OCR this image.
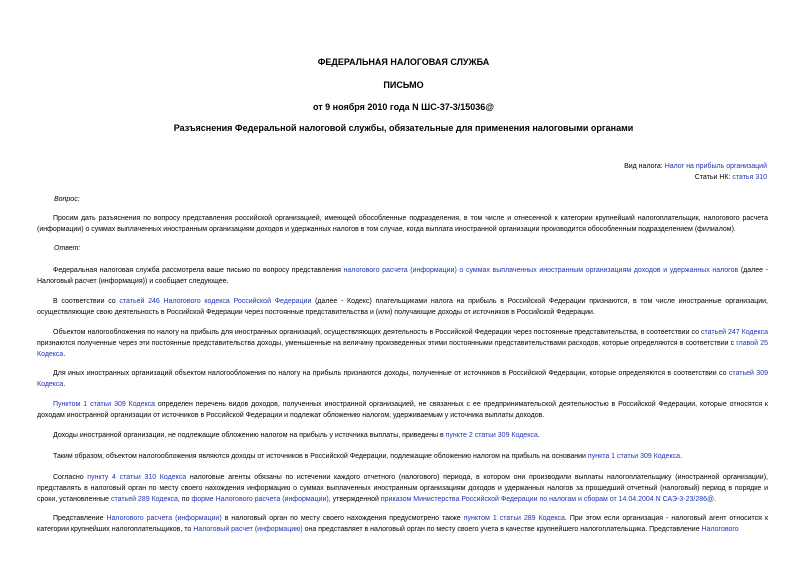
ФЕДЕРАЛЬНАЯ НАЛОГОВАЯ СЛУЖБА
ПИСЬМО
от 9 ноября 2010 года N ШС-37-3/15036@
Разъяснения Федеральной налоговой службы, обязательные для применения налоговыми органами
Вид налога: Налог на прибыль организаций
Статьи НК: статья 310
Вопрос:
Просим дать разъяснения по вопросу представления российской организацией, имеющей обособленные подразделения, в том числе и отнесенной к категории крупнейший налогоплательщик, налогового расчета (информации) о суммах выплаченных иностранным организациям доходов и удержанных налогов в том случае, когда выплата иностранной организации производится обособленным подразделением (филиалом).
Ответ:
Федеральная налоговая служба рассмотрела ваше письмо по вопросу представления налогового расчета (информации) о суммах выплаченных иностранным организациям доходов и удержанных налогов (далее - Налоговый расчет (информация)) и сообщает следующее.
В соответствии со статьей 246 Налогового кодекса Российской Федерации (далее - Кодекс) плательщиками налога на прибыль в Российской Федерации признаются, в том числе иностранные организации, осуществляющие свою деятельность в Российской Федерации через постоянные представительства и (или) получающие доходы от источников в Российской Федерации.
Объектом налогообложения по налогу на прибыль для иностранных организаций, осуществляющих деятельность в Российской Федерации через постоянные представительства, в соответствии со статьей 247 Кодекса признаются полученные через эти постоянные представительства доходы, уменьшенные на величину произведенных этими постоянными представительствами расходов, которые определяются в соответствии с главой 25 Кодекса.
Для иных иностранных организаций объектом налогообложения по налогу на прибыль признаются доходы, полученные от источников в Российской Федерации, которые определяются в соответствии со статьей 309 Кодекса.
Пунктом 1 статьи 309 Кодекса определен перечень видов доходов, полученных иностранной организацией, не связанных с ее предпринимательской деятельностью в Российской Федерации, которые относятся к доходам иностранной организации от источников в Российской Федерации и подлежат обложению налогом, удерживаемым у источника выплаты доходов.
Доходы иностранной организации, не подлежащие обложению налогом на прибыль у источника выплаты, приведены в пункте 2 статьи 309 Кодекса.
Таким образом, объектом налогообложения являются доходы от источников в Российской Федерации, подлежащие обложению налогом на прибыль на основании пункта 1 статьи 309 Кодекса.
Согласно пункту 4 статьи 310 Кодекса налоговые агенты обязаны по истечении каждого отчетного (налогового) периода, в котором они производили выплаты налогоплательщику (иностранной организации), представлять в налоговый орган по месту своего нахождения информацию о суммах выплаченных иностранным организациям доходов и удержанных налогов за прошедший отчетный (налоговый) период в порядке и сроки, установленные статьей 289 Кодекса, по форме Налогового расчета (информации), утвержденной приказом Министерства Российской Федерации по налогам и сборам от 14.04.2004 N САЭ-3-23/286@.
Представление Налогового расчета (информации) в налоговый орган по месту своего нахождения предусмотрено также пунктом 1 статьи 289 Кодекса. При этом если организация - налоговый агент относится к категории крупнейших налогоплательщиков, то Налоговый расчет (информацию) она представляет в налоговый орган по месту своего учета в качестве крупнейшего налогоплательщика. Представление Налогового
